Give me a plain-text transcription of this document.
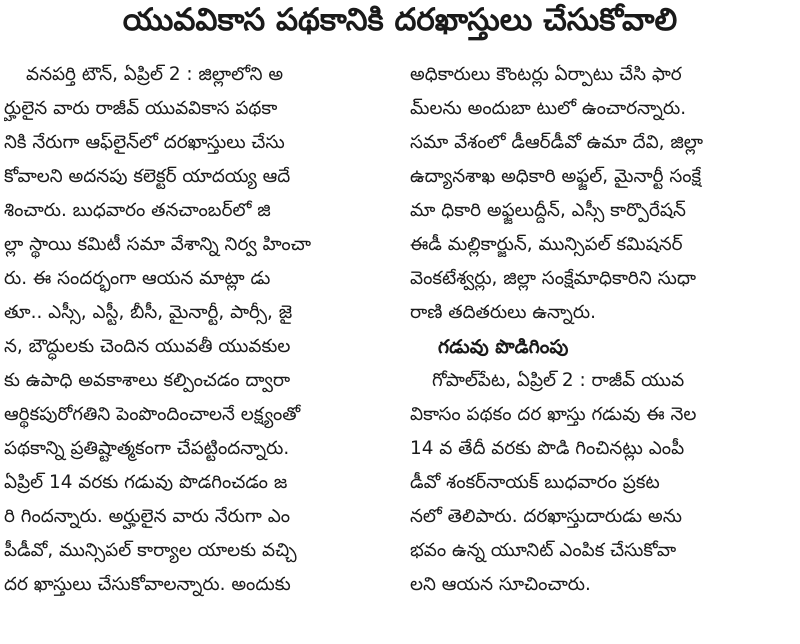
యువవికాస పథకానికి దరఖాస్తులు చేసుకోవాలి
వనపర్తి టౌన్, ఏప్రిల్ 2 : జిల్లాలోని అ
ర్హులైన వారు రాజీవ్ యువవికాస పథకా
నికి నేరుగా ఆఫ్‌లైన్‌లో దరఖాస్తులు చేసు
కోవాలని అదనపు కలెక్టర్ యాదయ్య ఆదే
శించారు. బుధవారం తనచాంబర్‌లో జి
ల్లా స్థాయి కమిటీ సమా వేశాన్ని నిర్వ హించా
రు. ఈ సందర్భంగా ఆయన మాట్లా డు
తూ.. ఎస్సీ, ఎస్టీ, బీసీ, మైనార్టీ, పార్సీ, జై
న, బౌద్ధులకు చెందిన యువతీ యువకుల
కు ఉపాధి అవకాశాలు కల్పించడం ద్వారా
ఆర్థికపురోగతిని పెంపొందించాలనే లక్ష్యంతో
పథకాన్ని ప్రతిష్టాత్మకంగా చేపట్టిందన్నారు.
ఏప్రిల్ 14 వరకు గడువు పొడగించడం జ
రి గిందన్నారు. అర్హులైన వారు నేరుగా ఎం
పీడీవో, మున్సిపల్ కార్యాల యాలకు వచ్చి
దర ఖాస్తులు చేసుకోవాలన్నారు. అందుకు
అధికారులు కౌంటర్లు ఏర్పాటు చేసి ఫార
మ్‌లను అందుబా టులో ఉంచారన్నారు.
సమా వేశంలో డీఆర్‌డీవో ఉమా దేవి, జిల్లా
ఉద్యానశాఖ అధికారి అఫ్జల్, మైనార్టీ సంక్షే
మా ధికారి అఫ్జలుద్దీన్, ఎస్సీ కార్పొరేషన్
ఈడీ మల్లికార్జున్, మున్సిపల్ కమిషనర్
వెంకటేశ్వర్లు, జిల్లా సంక్షేమాధికారిని సుధా
రాణి తదితరులు ఉన్నారు.
గడువు పొడిగింపు
గోపాల్‌పేట, ఏప్రిల్ 2 : రాజీవ్ యువ
వికాసం పథకం దర ఖాస్తు గడువు ఈ నెల
14 వ తేదీ వరకు పొడి గించినట్లు ఎంపీ
డీవో శంకర్‌నాయక్ బుధవారం ప్రకట
నలో తెలిపారు. దరఖాస్తుదారుడు అను
భవం ఉన్న యూనిట్ ఎంపిక చేసుకోవా
లని ఆయన సూచించారు.
